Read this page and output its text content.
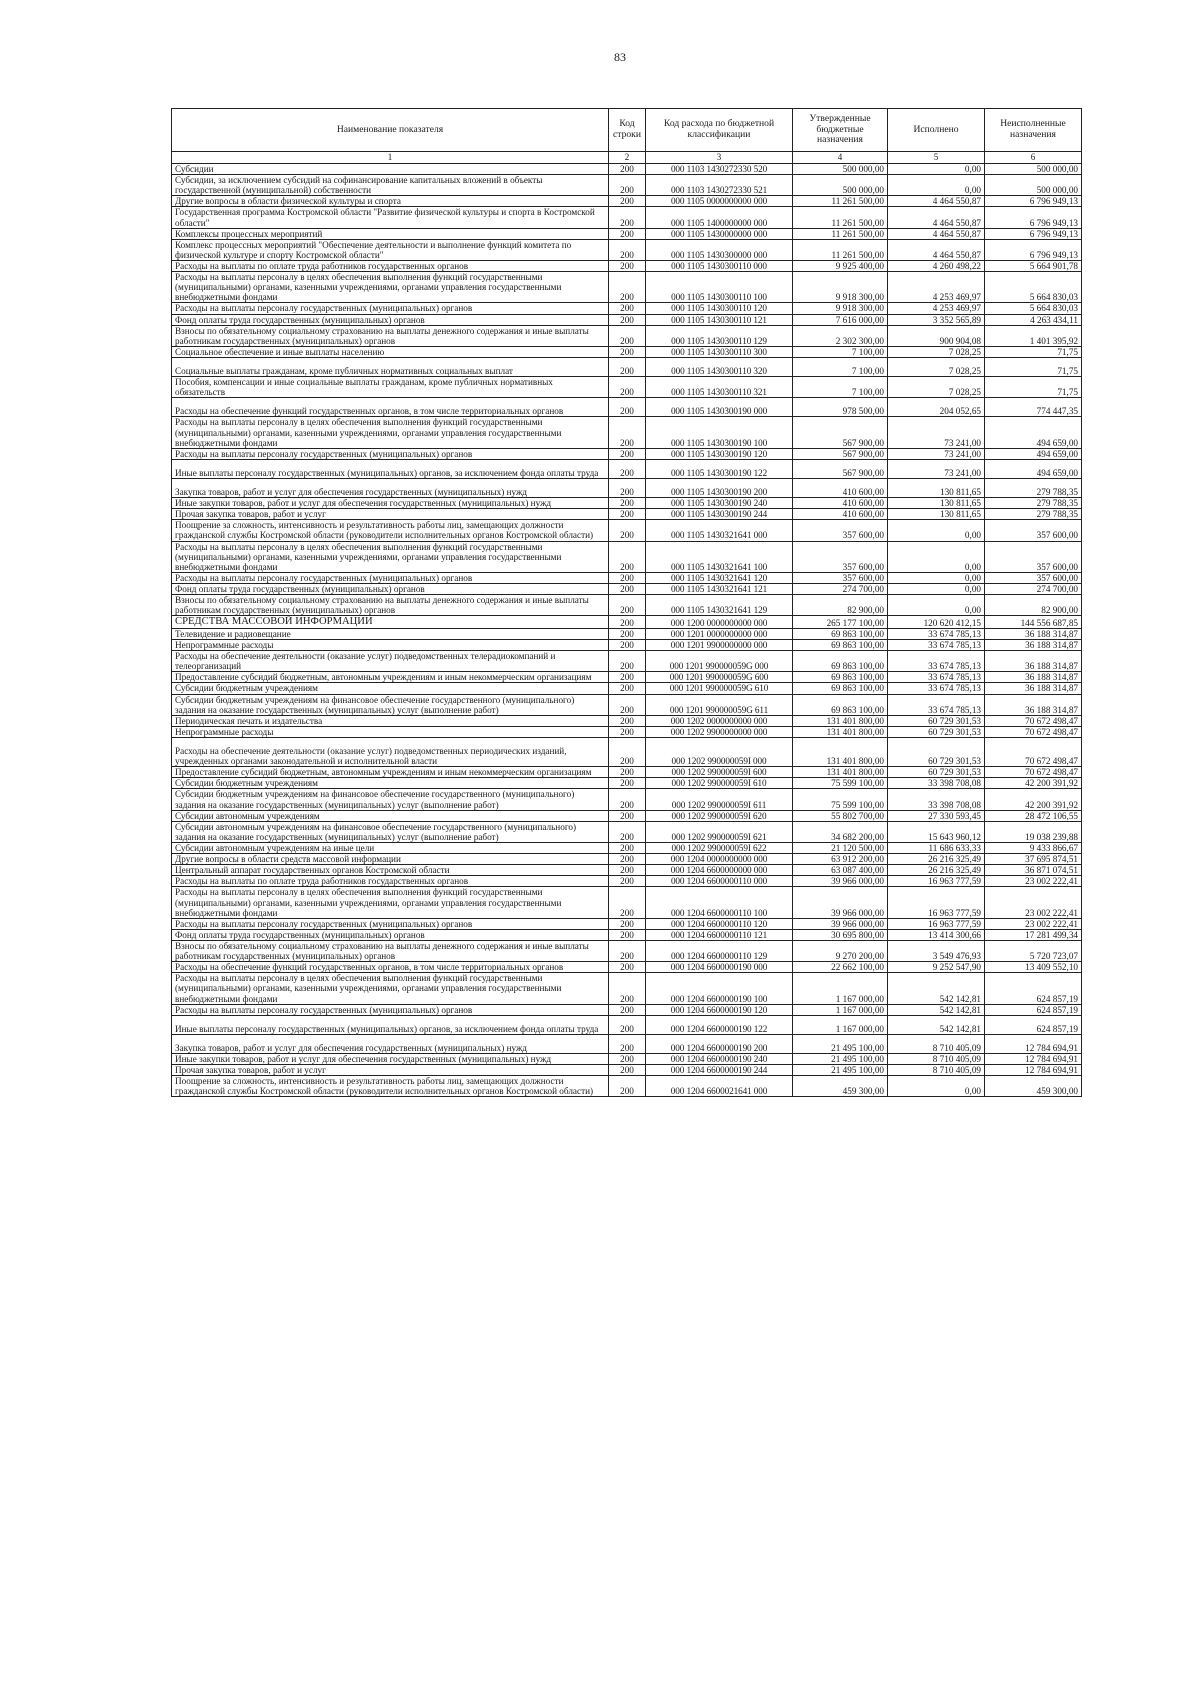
83
Наименование показателя	Код строки	Код расхода по бюджетной классификации	Утвержденные бюджетные назначения	Исполнено	Неисполненные назначения
1	2	3	4	5	6
Субсидии	200	000 1103 1430272330 520	500 000,00	0,00	500 000,00
Субсидии, за исключением субсидий на софинансирование капитальных вложений в объекты государственной (муниципальной) собственности	200	000 1103 1430272330 521	500 000,00	0,00	500 000,00
Другие вопросы в области физической культуры и спорта	200	000 1105 0000000000 000	11 261 500,00	4 464 550,87	6 796 949,13
Государственная программа Костромской области "Развитие физической культуры и спорта в Костромской области"	200	000 1105 1400000000 000	11 261 500,00	4 464 550,87	6 796 949,13
Комплексы процессных мероприятий	200	000 1105 1430000000 000	11 261 500,00	4 464 550,87	6 796 949,13
Комплекс процессных мероприятий "Обеспечение деятельности и выполнение функций комитета по физической культуре и спорту Костромской области"	200	000 1105 1430300000 000	11 261 500,00	4 464 550,87	6 796 949,13
Расходы на выплаты по оплате труда работников государственных органов	200	000 1105 1430300110 000	9 925 400,00	4 260 498,22	5 664 901,78
Расходы на выплаты персоналу в целях обеспечения выполнения функций государственными (муниципальными) органами, казенными учреждениями, органами управления государственными внебюджетными фондами	200	000 1105 1430300110 100	9 918 300,00	4 253 469,97	5 664 830,03
Расходы на выплаты персоналу государственных (муниципальных) органов	200	000 1105 1430300110 120	9 918 300,00	4 253 469,97	5 664 830,03
Фонд оплаты труда государственных (муниципальных) органов	200	000 1105 1430300110 121	7 616 000,00	3 352 565,89	4 263 434,11
Взносы по обязательному социальному страхованию на выплаты денежного содержания и иные выплаты работникам государственных (муниципальных) органов	200	000 1105 1430300110 129	2 302 300,00	900 904,08	1 401 395,92
Социальное обеспечение и иные выплаты населению	200	000 1105 1430300110 300	7 100,00	7 028,25	71,75
Социальные выплаты гражданам, кроме публичных нормативных социальных выплат	200	000 1105 1430300110 320	7 100,00	7 028,25	71,75
Пособия, компенсации и иные социальные выплаты гражданам, кроме публичных нормативных обязательств	200	000 1105 1430300110 321	7 100,00	7 028,25	71,75
Расходы на обеспечение функций государственных органов, в том числе территориальных органов	200	000 1105 1430300190 000	978 500,00	204 052,65	774 447,35
Расходы на выплаты персоналу в целях обеспечения выполнения функций государственными (муниципальными) органами, казенными учреждениями, органами управления государственными внебюджетными фондами	200	000 1105 1430300190 100	567 900,00	73 241,00	494 659,00
Расходы на выплаты персоналу государственных (муниципальных) органов	200	000 1105 1430300190 120	567 900,00	73 241,00	494 659,00
Иные выплаты персоналу государственных (муниципальных) органов, за исключением фонда оплаты труда	200	000 1105 1430300190 122	567 900,00	73 241,00	494 659,00
Закупка товаров, работ и услуг для обеспечения государственных (муниципальных) нужд	200	000 1105 1430300190 200	410 600,00	130 811,65	279 788,35
Иные закупки товаров, работ и услуг для обеспечения государственных (муниципальных) нужд	200	000 1105 1430300190 240	410 600,00	130 811,65	279 788,35
Прочая закупка товаров, работ и услуг	200	000 1105 1430300190 244	410 600,00	130 811,65	279 788,35
Поощрение за сложность, интенсивность и результативность работы лиц, замещающих должности гражданской службы Костромской области (руководители исполнительных органов Костромской области)	200	000 1105 1430321641 000	357 600,00	0,00	357 600,00
Расходы на выплаты персоналу в целях обеспечения выполнения функций государственными (муниципальными) органами, казенными учреждениями, органами управления государственными внебюджетными фондами	200	000 1105 1430321641 100	357 600,00	0,00	357 600,00
Расходы на выплаты персоналу государственных (муниципальных) органов	200	000 1105 1430321641 120	357 600,00	0,00	357 600,00
Фонд оплаты труда государственных (муниципальных) органов	200	000 1105 1430321641 121	274 700,00	0,00	274 700,00
Взносы по обязательному социальному страхованию на выплаты денежного содержания и иные выплаты работникам государственных (муниципальных) органов	200	000 1105 1430321641 129	82 900,00	0,00	82 900,00
СРЕДСТВА МАССОВОЙ ИНФОРМАЦИИ	200	000 1200 0000000000 000	265 177 100,00	120 620 412,15	144 556 687,85
Телевидение и радиовещание	200	000 1201 0000000000 000	69 863 100,00	33 674 785,13	36 188 314,87
Непрограммные расходы	200	000 1201 9900000000 000	69 863 100,00	33 674 785,13	36 188 314,87
Расходы на обеспечение деятельности (оказание услуг) подведомственных телерадиокомпаний и телеорганизаций	200	000 1201 990000059G 000	69 863 100,00	33 674 785,13	36 188 314,87
Предоставление субсидий бюджетным, автономным учреждениям и иным некоммерческим организациям	200	000 1201 990000059G 600	69 863 100,00	33 674 785,13	36 188 314,87
Субсидии бюджетным учреждениям	200	000 1201 990000059G 610	69 863 100,00	33 674 785,13	36 188 314,87
Субсидии бюджетным учреждениям на финансовое обеспечение государственного (муниципального) задания на оказание государственных (муниципальных) услуг (выполнение работ)	200	000 1201 990000059G 611	69 863 100,00	33 674 785,13	36 188 314,87
Периодическая печать и издательства	200	000 1202 0000000000 000	131 401 800,00	60 729 301,53	70 672 498,47
Непрограммные расходы	200	000 1202 9900000000 000	131 401 800,00	60 729 301,53	70 672 498,47
Расходы на обеспечение деятельности (оказание услуг) подведомственных периодических изданий, учрежденных органами законодательной и исполнительной власти	200	000 1202 990000059I 000	131 401 800,00	60 729 301,53	70 672 498,47
Предоставление субсидий бюджетным, автономным учреждениям и иным некоммерческим организациям	200	000 1202 990000059I 600	131 401 800,00	60 729 301,53	70 672 498,47
Субсидии бюджетным учреждениям	200	000 1202 990000059I 610	75 599 100,00	33 398 708,08	42 200 391,92
Субсидии бюджетным учреждениям на финансовое обеспечение государственного (муниципального) задания на оказание государственных (муниципальных) услуг (выполнение работ)	200	000 1202 990000059I 611	75 599 100,00	33 398 708,08	42 200 391,92
Субсидии автономным учреждениям	200	000 1202 990000059I 620	55 802 700,00	27 330 593,45	28 472 106,55
Субсидии автономным учреждениям на финансовое обеспечение государственного (муниципального) задания на оказание государственных (муниципальных) услуг (выполнение работ)	200	000 1202 990000059I 621	34 682 200,00	15 643 960,12	19 038 239,88
Субсидии автономным учреждениям на иные цели	200	000 1202 990000059I 622	21 120 500,00	11 686 633,33	9 433 866,67
Другие вопросы в области средств массовой информации	200	000 1204 0000000000 000	63 912 200,00	26 216 325,49	37 695 874,51
Центральный аппарат государственных органов Костромской области	200	000 1204 6600000000 000	63 087 400,00	26 216 325,49	36 871 074,51
Расходы на выплаты по оплате труда работников государственных органов	200	000 1204 6600000110 000	39 966 000,00	16 963 777,59	23 002 222,41
Расходы на выплаты персоналу в целях обеспечения выполнения функций государственными (муниципальными) органами, казенными учреждениями, органами управления государственными внебюджетными фондами	200	000 1204 6600000110 100	39 966 000,00	16 963 777,59	23 002 222,41
Расходы на выплаты персоналу государственных (муниципальных) органов	200	000 1204 6600000110 120	39 966 000,00	16 963 777,59	23 002 222,41
Фонд оплаты труда государственных (муниципальных) органов	200	000 1204 6600000110 121	30 695 800,00	13 414 300,66	17 281 499,34
Взносы по обязательному социальному страхованию на выплаты денежного содержания и иные выплаты работникам государственных (муниципальных) органов	200	000 1204 6600000110 129	9 270 200,00	3 549 476,93	5 720 723,07
Расходы на обеспечение функций государственных органов, в том числе территориальных органов	200	000 1204 6600000190 000	22 662 100,00	9 252 547,90	13 409 552,10
Расходы на выплаты персоналу в целях обеспечения выполнения функций государственными (муниципальными) органами, казенными учреждениями, органами управления государственными внебюджетными фондами	200	000 1204 6600000190 100	1 167 000,00	542 142,81	624 857,19
Расходы на выплаты персоналу государственных (муниципальных) органов	200	000 1204 6600000190 120	1 167 000,00	542 142,81	624 857,19
Иные выплаты персоналу государственных (муниципальных) органов, за исключением фонда оплаты труда	200	000 1204 6600000190 122	1 167 000,00	542 142,81	624 857,19
Закупка товаров, работ и услуг для обеспечения государственных (муниципальных) нужд	200	000 1204 6600000190 200	21 495 100,00	8 710 405,09	12 784 694,91
Иные закупки товаров, работ и услуг для обеспечения государственных (муниципальных) нужд	200	000 1204 6600000190 240	21 495 100,00	8 710 405,09	12 784 694,91
Прочая закупка товаров, работ и услуг	200	000 1204 6600000190 244	21 495 100,00	8 710 405,09	12 784 694,91
Поощрение за сложность, интенсивность и результативность работы лиц, замещающих должности гражданской службы Костромской области (руководители исполнительных органов Костромской области)	200	000 1204 6600021641 000	459 300,00	0,00	459 300,00
